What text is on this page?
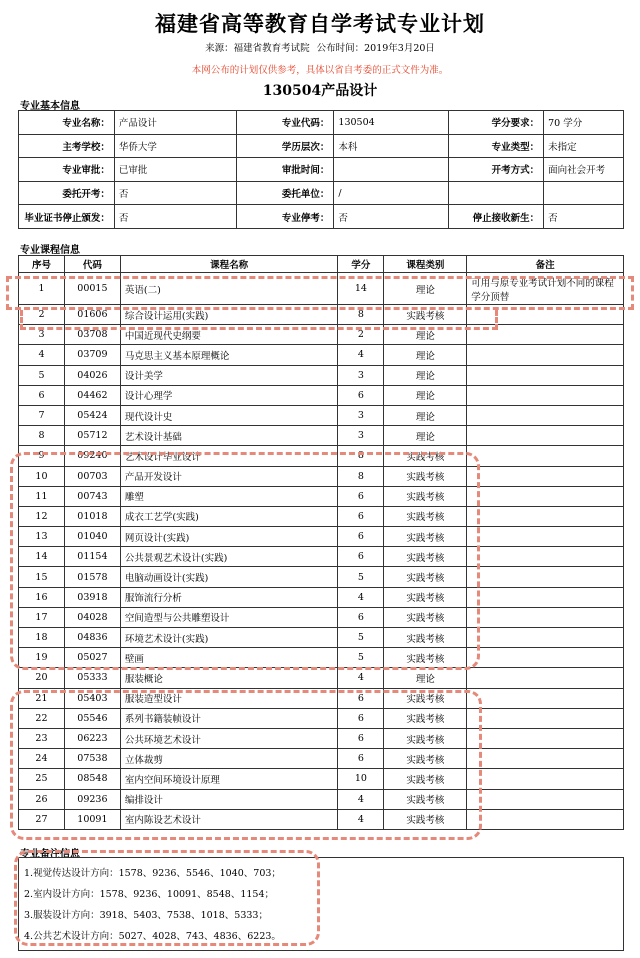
福建省高等教育自学考试专业计划
来源：福建省教育考试院 公布时间：2019年3月20日
本网公布的计划仅供参考，具体以省自考委的正式文件为准。
130504产品设计
专业基本信息
专业名称：	产品设计	专业代码：	130504	学分要求：	70 学分
主考学校：	华侨大学	学历层次：	本科	专业类型：	未指定
专业审批：	已审批	审批时间：		开考方式：	面向社会开考
委托开考：	否	委托单位：	/		
毕业证书停止颁发：	否	专业停考：	否	停止接收新生：	否
专业课程信息
序号	代码	课程名称	学分	课程类别	备注
1	00015	英语(二)	14	理论	可用与原专业考试计划不同的课程学分顶替
2	01606	综合设计运用(实践)	8	实践考核	
3	03708	中国近现代史纲要	2	理论	
4	03709	马克思主义基本原理概论	4	理论	
5	04026	设计美学	3	理论	
6	04462	设计心理学	6	理论	
7	05424	现代设计史	3	理论	
8	05712	艺术设计基础	3	理论	
9	09240	艺术设计毕业设计	8	实践考核	
10	00703	产品开发设计	8	实践考核	
11	00743	雕塑	6	实践考核	
12	01018	成衣工艺学(实践)	6	实践考核	
13	01040	网页设计(实践)	6	实践考核	
14	01154	公共景观艺术设计(实践)	6	实践考核	
15	01578	电脑动画设计(实践)	5	实践考核	
16	03918	服饰流行分析	4	实践考核	
17	04028	空间造型与公共雕塑设计	6	实践考核	
18	04836	环境艺术设计(实践)	5	实践考核	
19	05027	壁画	5	实践考核	
20	05333	服装概论	4	理论	
21	05403	服装造型设计	6	实践考核	
22	05546	系列书籍装帧设计	6	实践考核	
23	06223	公共环境艺术设计	6	实践考核	
24	07538	立体裁剪	6	实践考核	
25	08548	室内空间环境设计原理	10	实践考核	
26	09236	编排设计	4	实践考核	
27	10091	室内陈设艺术设计	4	实践考核	
专业备注信息
1.视觉传达设计方向：1578、9236、5546、1040、703；
2.室内设计方向：1578、9236、10091、8548、1154；
3.服装设计方向：3918、5403、7538、1018、5333；
4.公共艺术设计方向：5027、4028、743、4836、6223。
